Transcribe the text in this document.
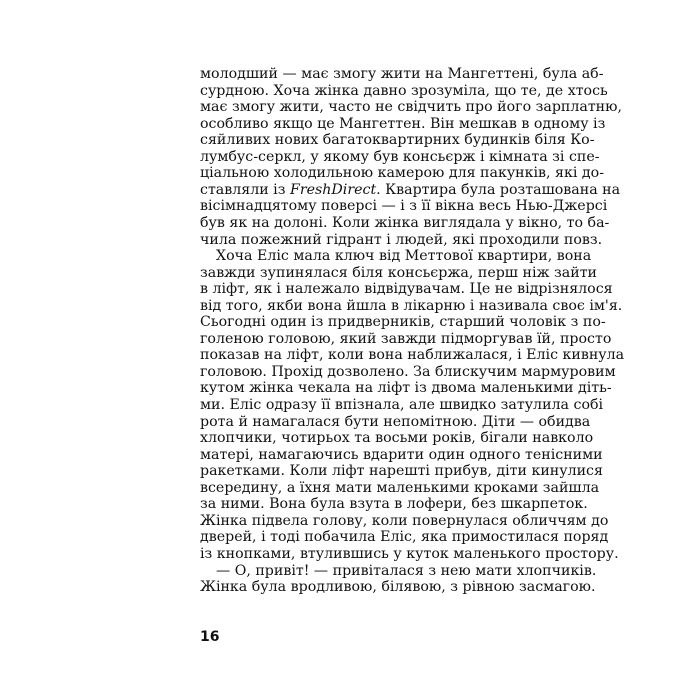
молодший — має змогу жити на Мангеттені, була аб-
сурдною. Хоча жінка давно зрозуміла, що те, де хтось
має змогу жити, часто не свідчить про його зарплатню,
особливо якщо це Мангеттен. Він мешкав в одному із
сяйливих нових багатоквартирних будинків біля Ко-
лумбус-серкл, у якому був консьєрж і кімната зі спе-
ціальною холодильною камерою для пакунків, які до-
ставляли із FreshDirect. Квартира була розташована на
вісімнадцятому поверсі — і з її вікна весь Нью-Джерсі
був як на долоні. Коли жінка виглядала у вікно, то ба-
чила пожежний гідрант і людей, які проходили повз.
Хоча Еліс мала ключ від Меттової квартири, вона
завжди зупинялася біля консьєржа, перш ніж зайти
в ліфт, як і належало відвідувачам. Це не відрізнялося
від того, якби вона йшла в лікарню і називала своє ім'я.
Сьогодні один із придверників, старший чоловік з по-
голеною головою, який завжди підморгував їй, просто
показав на ліфт, коли вона наближалася, і Еліс кивнула
головою. Прохід дозволено. За блискучим мармуровим
кутом жінка чекала на ліфт із двома маленькими діть-
ми. Еліс одразу її впізнала, але швидко затулила собі
рота й намагалася бути непомітною. Діти — обидва
хлопчики, чотирьох та восьми років, бігали навколо
матері, намагаючись вдарити один одного тенісними
ракетками. Коли ліфт нарешті прибув, діти кинулися
всередину, а їхня мати маленькими кроками зайшла
за ними. Вона була взута в лофери, без шкарпеток.
Жінка підвела голову, коли повернулася обличчям до
дверей, і тоді побачила Еліс, яка примостилася поряд
із кнопками, втулившись у куток маленького простору.
— О, привіт! — привіталася з нею мати хлопчиків.
Жінка була вродливою, білявою, з рівною засмагою.
16
